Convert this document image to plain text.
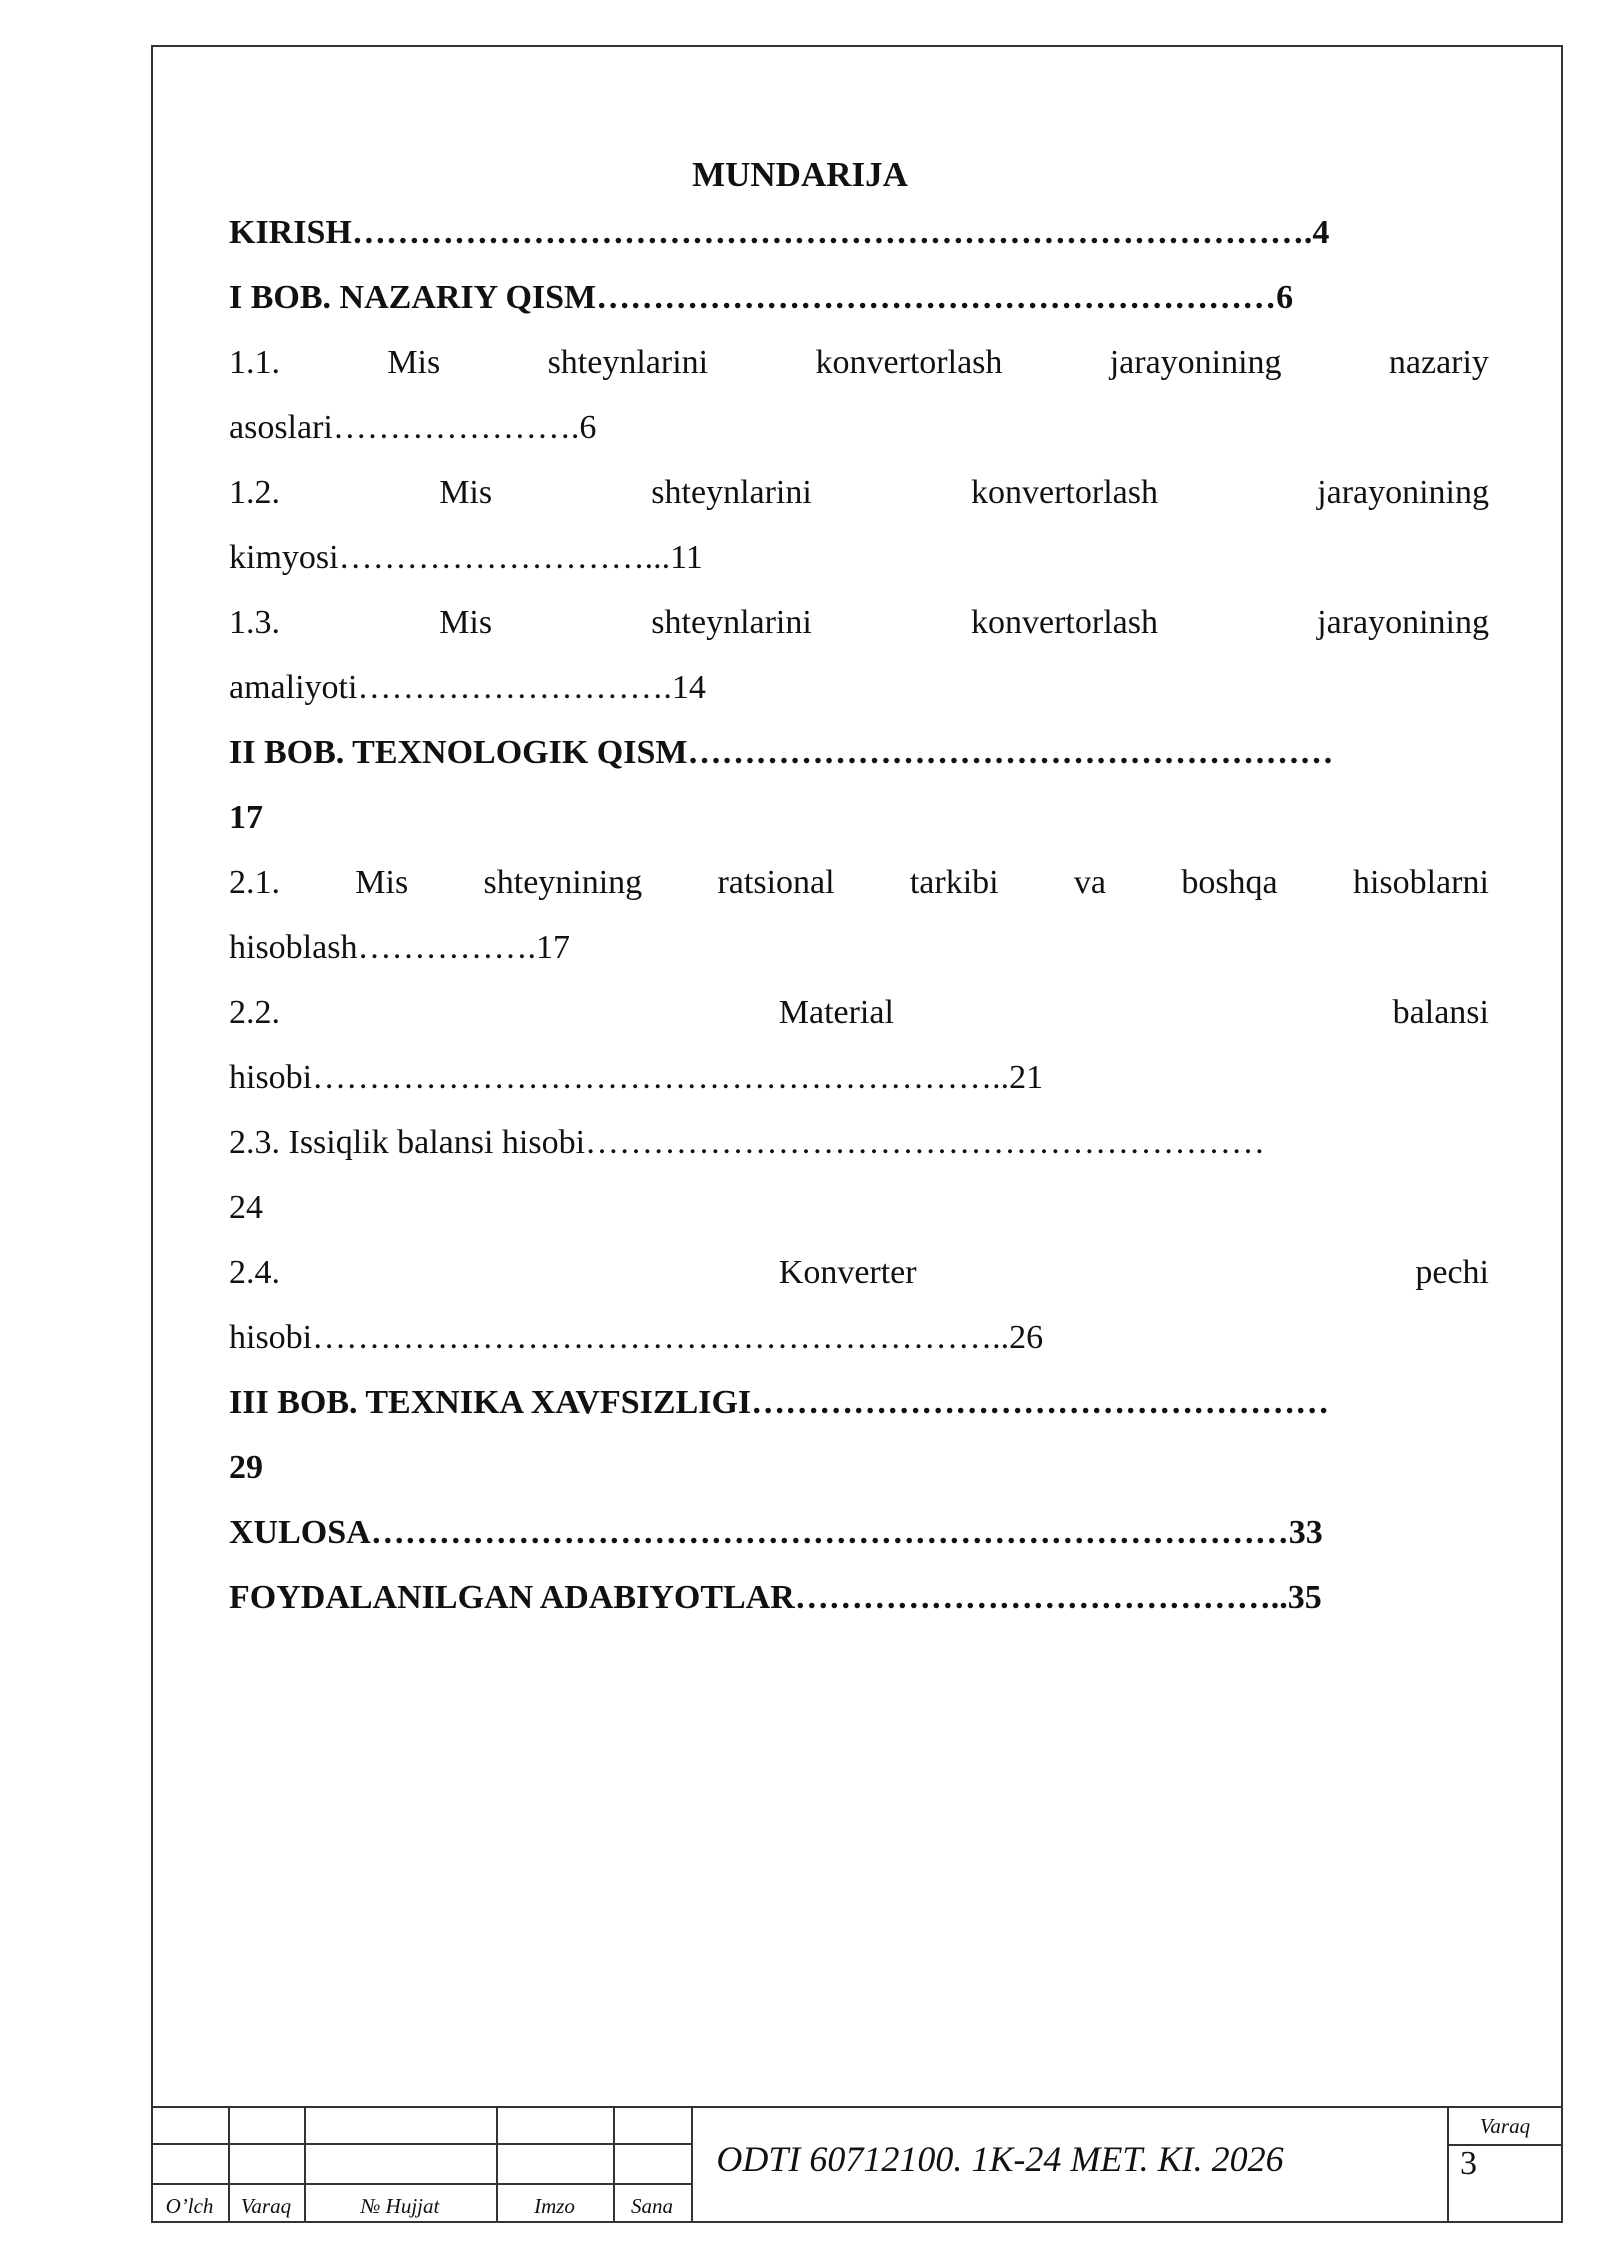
MUNDARIJA
KIRISH………………………………………………………………………….4
I BOB. NAZARIY QISM……………………………………………………6
1.1.	Mis	shteynlarini	konvertorlash	jarayonining	nazariy
asoslari………………….6
1.2.	Mis	shteynlarini	konvertorlash	jarayonining
kimyosi………………………...11
1.3.	Mis	shteynlarini	konvertorlash	jarayonining
amaliyoti……………………….14
II BOB. TEXNOLOGIK QISM…………………………………………………
17
2.1. Mis shteynining ratsional tarkibi va boshqa hisoblarni
hisoblash…………….17
2.2.	Material	balansi
hisobi……………………………………………………..21
2.3. Issiqlik balansi hisobi……………………………………………………
24
2.4.	Konverter	pechi
hisobi……………………………………………………..26
III BOB. TEXNIKA XAVFSIZLIGI……………………………………………
29
XULOSA………………………………………………………………………33
FOYDALANILGAN ADABIYOTLAR……………………………………..35
O’lch	Varaq	№ Hujjat	Imzo	Sana
ODTI 60712100. 1K-24 MET. KI. 2026
Varaq
3
